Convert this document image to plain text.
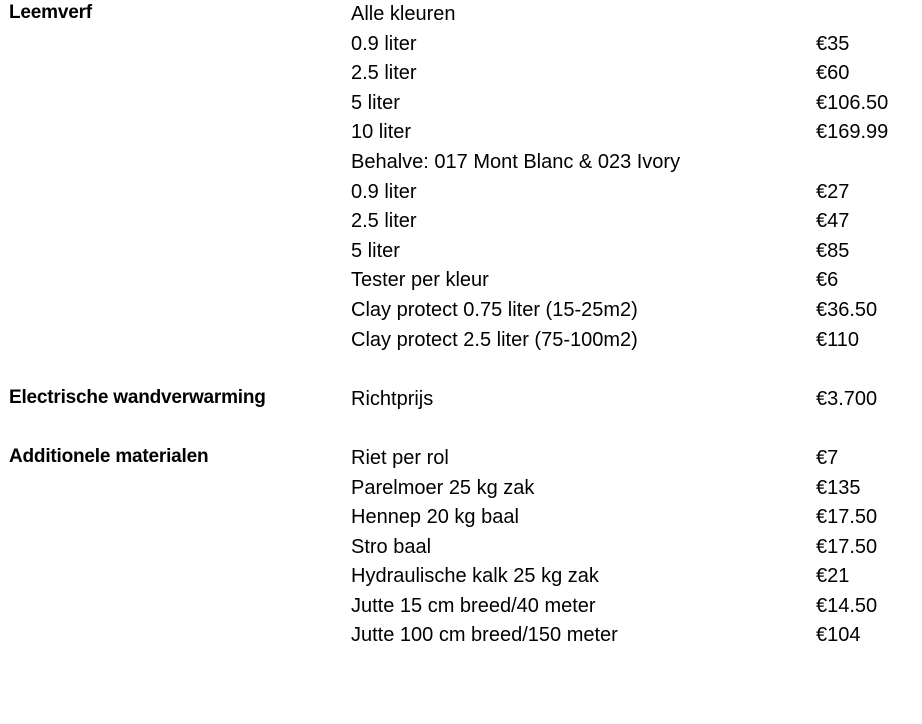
Leemverf	Alle kleuren
0.9 liter	€35
2.5 liter	€60
5 liter	€106.50
10 liter	€169.99
Behalve: 017 Mont Blanc & 023 Ivory
0.9 liter	€27
2.5 liter	€47
5 liter	€85
Tester per kleur	€6
Clay protect 0.75 liter (15-25m2)	€36.50
Clay protect 2.5 liter (75-100m2)	€110
Electrische wandverwarming	Richtprijs	€3.700
Additionele materialen	Riet per rol	€7
Parelmoer 25 kg zak	€135
Hennep 20 kg baal	€17.50
Stro baal	€17.50
Hydraulische kalk 25 kg zak	€21
Jutte 15 cm breed/40 meter	€14.50
Jutte 100 cm breed/150 meter	€104
